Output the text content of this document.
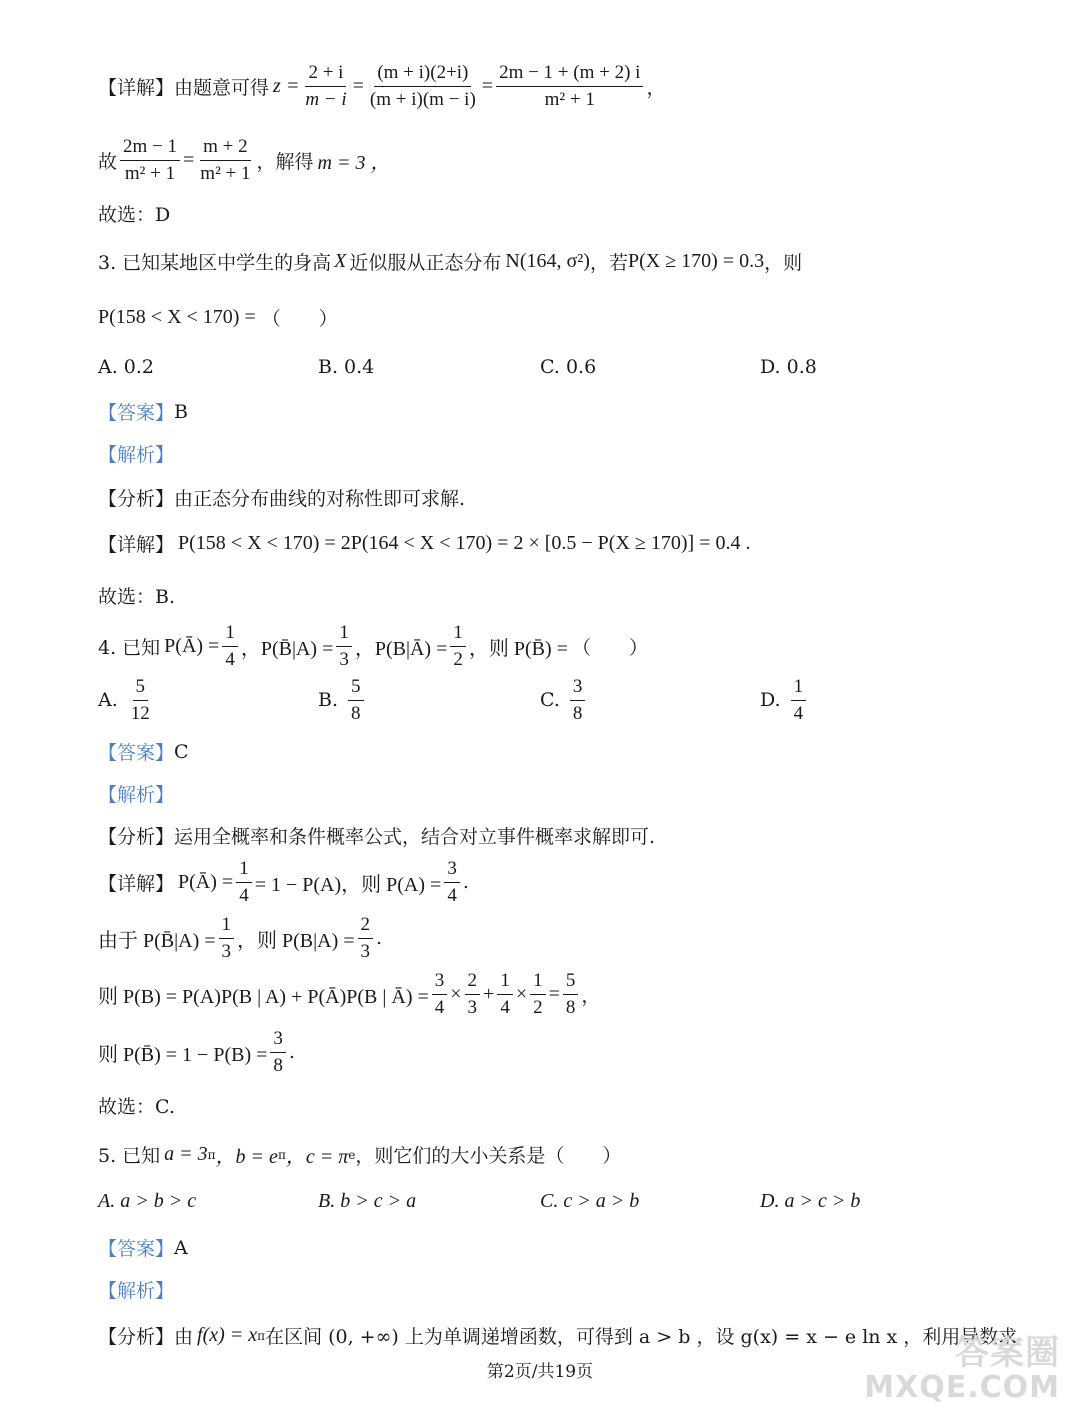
【详解】 由题意可得 $z = \frac{2 + i}{m - i} = \frac{(m + i)(2+i)}{(m + i)(m - i)} = \frac{2m - 1 + (m + 2) i}{\text{m² + 1}}$ ，
故 $\frac{2m - 1}{\text{m² + 1}} = \frac{m + 2}{\text{m² + 1}}$ ，解得 m = 3 ，
故选：D
3. 已知某地区中学生的身高 X 近似服从正态分布 N(164, σ²) ，若 P(X ≥ 170) = 0.3 ，则
P(158 < X < 170) = （　　）
A. 0.2	B. 0.4	C. 0.6	D. 0.8
【答案】 B
【解析】
【分析】 由正态分布曲线的对称性即可求解.
【详解】 P(158 < X < 170) = 2P(164 < X < 170) = 2 × [0.5 − P(X ≥ 170)] = 0.4 .
故选：B.
4. 已知 P(Ā) = $\frac{1}{4}$ ，P(B̄|A) = $\frac{1}{3}$ ，P(B|Ā) = $\frac{1}{2}$ ，则 P(B̄) = （　　）
A. $\frac{5}{12}$	B. $\frac{5}{8}$	C. $\frac{3}{8}$	D. $\frac{1}{4}$
【答案】 C
【解析】
【分析】 运用全概率和条件概率公式，结合对立事件概率求解即可.
【详解】 P(Ā) = $\frac{1}{4} = 1 - P(A)$，则 $P(A) = \frac{3}{4}$ .
由于 P(B̄|A) = $\frac{1}{3}$ ，则 $P(B|A) = \frac{2}{3}$ .
则 P(B) = P(A)P(B | A) + P(Ā)P(B | Ā) = $\frac{3}{4} \times \frac{2}{3} + \frac{1}{4} \times \frac{1}{2} = \frac{5}{8}$ ，
则 P(B̄) = $1 - P(B) = \frac{3}{8}$ .
故选：C.
5. 已知 a = 3 π ，b = e π ，c = π e ，则它们的大小关系是（　　）
A. a > b > c	B. b > c > a	C. c > a > b	D. a > c > b
【答案】 A
【解析】
【分析】 由 f(x) = x π 在区间 (0, +∞) 上为单调递增函数，可得到 a > b ，设 g(x) = x − e ln x ，利用导数求
第2页/共19页	答案圈
MXQE.COM
